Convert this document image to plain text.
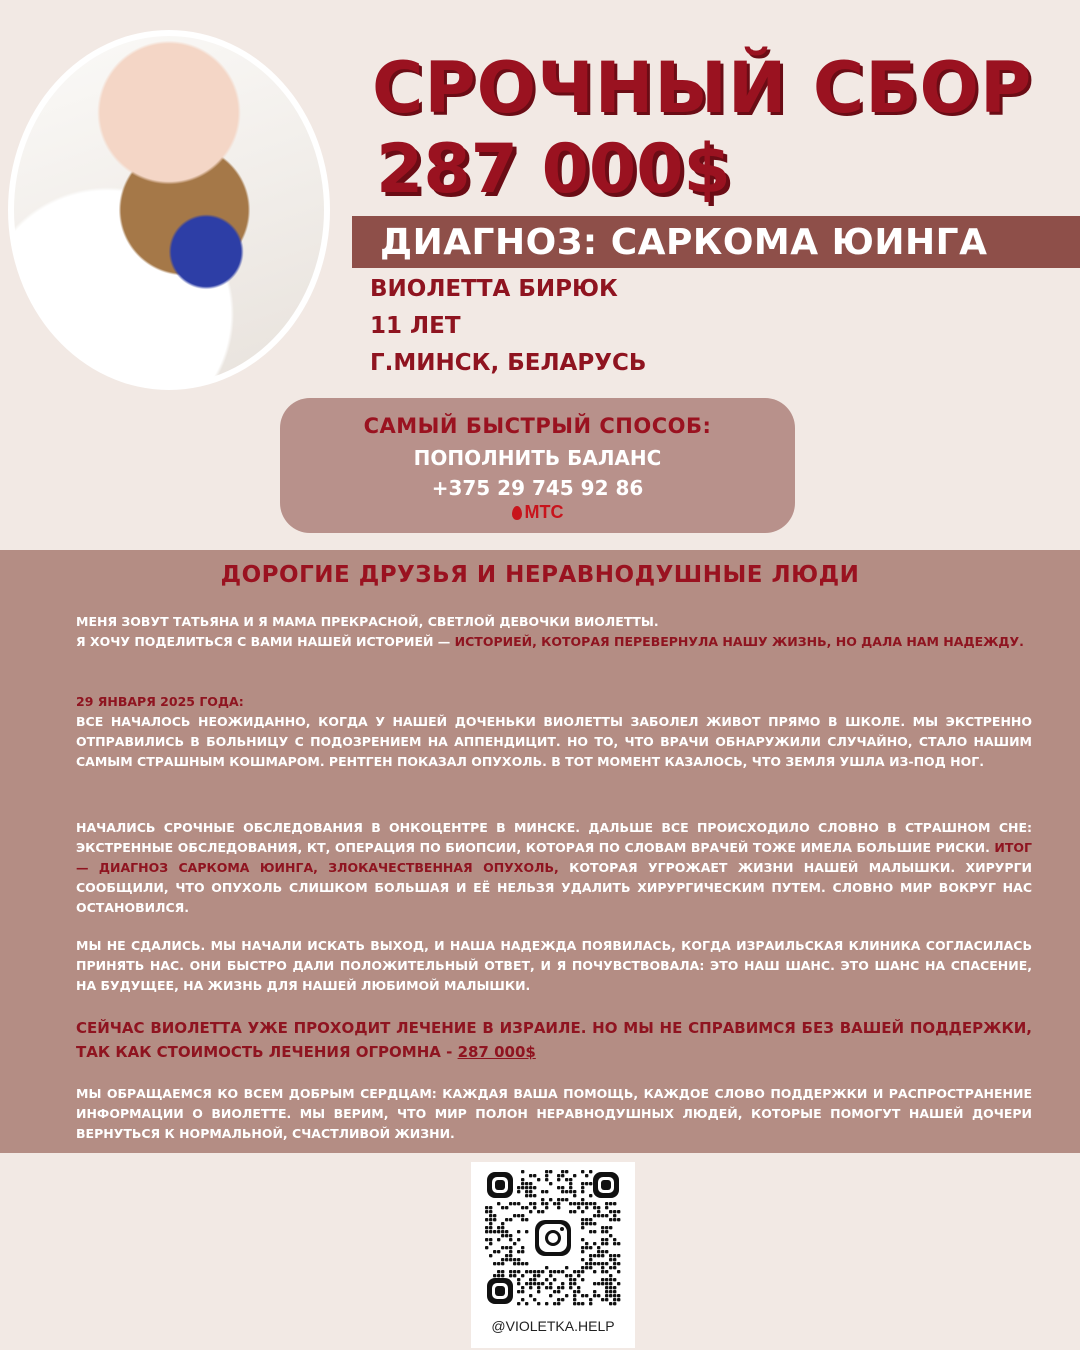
СРОЧНЫЙ СБОР
287 000$
ДИАГНОЗ: САРКОМА ЮИНГА
ВИОЛЕТТА БИРЮК
11 ЛЕТ
Г.МИНСК, БЕЛАРУСЬ
САМЫЙ БЫСТРЫЙ СПОСОБ:
ПОПОЛНИТЬ БАЛАНС
+375 29 745 92 86
МТС
ДОРОГИЕ ДРУЗЬЯ И НЕРАВНОДУШНЫЕ ЛЮДИ
МЕНЯ ЗОВУТ ТАТЬЯНА И Я МАМА ПРЕКРАСНОЙ, СВЕТЛОЙ ДЕВОЧКИ ВИОЛЕТТЫ.
Я ХОЧУ ПОДЕЛИТЬСЯ С ВАМИ НАШЕЙ ИСТОРИЕЙ — ИСТОРИЕЙ, КОТОРАЯ ПЕРЕВЕРНУЛА НАШУ ЖИЗНЬ, НО ДАЛА НАМ НАДЕЖДУ.
29 ЯНВАРЯ 2025 ГОДА:
ВСЕ НАЧАЛОСЬ НЕОЖИДАННО, КОГДА У НАШЕЙ ДОЧЕНЬКИ ВИОЛЕТТЫ ЗАБОЛЕЛ ЖИВОТ ПРЯМО В ШКОЛЕ. МЫ ЭКСТРЕННО ОТПРАВИЛИСЬ В БОЛЬНИЦУ С ПОДОЗРЕНИЕМ НА АППЕНДИЦИТ. НО ТО, ЧТО ВРАЧИ ОБНАРУЖИЛИ СЛУЧАЙНО, СТАЛО НАШИМ САМЫМ СТРАШНЫМ КОШМАРОМ. РЕНТГЕН ПОКАЗАЛ ОПУХОЛЬ. В ТОТ МОМЕНТ КАЗАЛОСЬ, ЧТО ЗЕМЛЯ УШЛА ИЗ-ПОД НОГ.
НАЧАЛИСЬ СРОЧНЫЕ ОБСЛЕДОВАНИЯ В ОНКОЦЕНТРЕ В МИНСКЕ. ДАЛЬШЕ ВСЕ ПРОИСХОДИЛО СЛОВНО В СТРАШНОМ СНЕ: ЭКСТРЕННЫЕ ОБСЛЕДОВАНИЯ, КТ, ОПЕРАЦИЯ ПО БИОПСИИ, КОТОРАЯ ПО СЛОВАМ ВРАЧЕЙ ТОЖЕ ИМЕЛА БОЛЬШИЕ РИСКИ. ИТОГ — ДИАГНОЗ САРКОМА ЮИНГА, ЗЛОКАЧЕСТВЕННАЯ ОПУХОЛЬ, КОТОРАЯ УГРОЖАЕТ ЖИЗНИ НАШЕЙ МАЛЫШКИ. ХИРУРГИ СООБЩИЛИ, ЧТО ОПУХОЛЬ СЛИШКОМ БОЛЬШАЯ И ЕЁ НЕЛЬЗЯ УДАЛИТЬ ХИРУРГИЧЕСКИМ ПУТЕМ. СЛОВНО МИР ВОКРУГ НАС ОСТАНОВИЛСЯ.
МЫ НЕ СДАЛИСЬ. МЫ НАЧАЛИ ИСКАТЬ ВЫХОД, И НАША НАДЕЖДА ПОЯВИЛАСЬ, КОГДА ИЗРАИЛЬСКАЯ КЛИНИКА СОГЛАСИЛАСЬ ПРИНЯТЬ НАС. ОНИ БЫСТРО ДАЛИ ПОЛОЖИТЕЛЬНЫЙ ОТВЕТ, И Я ПОЧУВСТВОВАЛА: ЭТО НАШ ШАНС. ЭТО ШАНС НА СПАСЕНИЕ, НА БУДУЩЕЕ, НА ЖИЗНЬ ДЛЯ НАШЕЙ ЛЮБИМОЙ МАЛЫШКИ.
СЕЙЧАС ВИОЛЕТТА УЖЕ ПРОХОДИТ ЛЕЧЕНИЕ В ИЗРАИЛЕ. НО МЫ НЕ СПРАВИМСЯ БЕЗ ВАШЕЙ ПОДДЕРЖКИ, ТАК КАК СТОИМОСТЬ ЛЕЧЕНИЯ ОГРОМНА - 287 000$
МЫ ОБРАЩАЕМСЯ КО ВСЕМ ДОБРЫМ СЕРДЦАМ: КАЖДАЯ ВАША ПОМОЩЬ, КАЖДОЕ СЛОВО ПОДДЕРЖКИ И РАСПРОСТРАНЕНИЕ ИНФОРМАЦИИ О ВИОЛЕТТЕ. МЫ ВЕРИМ, ЧТО МИР ПОЛОН НЕРАВНОДУШНЫХ ЛЮДЕЙ, КОТОРЫЕ ПОМОГУТ НАШЕЙ ДОЧЕРИ ВЕРНУТЬСЯ К НОРМАЛЬНОЙ, СЧАСТЛИВОЙ ЖИЗНИ.
@VIOLETKA.HELP
